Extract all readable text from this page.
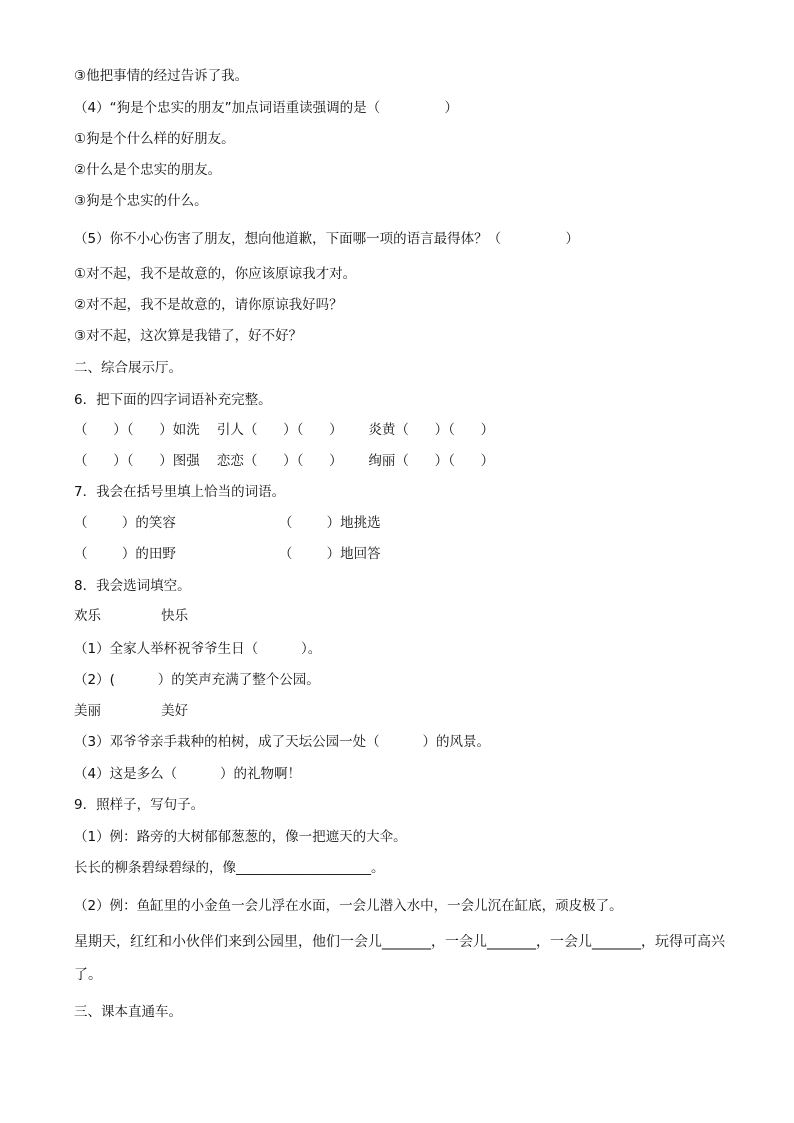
③他把事情的经过告诉了我。
（4）“狗是个忠实的朋友”加点词语重读强调的是（               ）
①狗是个什么样的好朋友。
②什么是个忠实的朋友。
③狗是个忠实的什么。
（5）你不小心伤害了朋友，想向他道歉，下面哪一项的语言最得体？（               ）
①对不起，我不是故意的，你应该原谅我才对。
②对不起，我不是故意的，请你原谅我好吗？
③对不起，这次算是我错了，好不好？
二、综合展示厅。
6．把下面的四字词语补充完整。
（      ）（      ）如洗    引人（      ）（      ）      炎黄（      ）（      ）
（      ）（      ）图强    恋恋（      ）（      ）      绚丽（      ）（      ）
7．我会在括号里填上恰当的词语。
（        ）的笑容                        （        ）地挑选
（        ）的田野                        （        ）地回答
8．我会选词填空。
欢乐              快乐
（1）全家人举杯祝爷爷生日（          ）。
（2）(          ）的笑声充满了整个公园。
美丽              美好
（3）邓爷爷亲手栽种的柏树，成了天坛公园一处（          ）的风景。
（4）这是多么（          ）的礼物啊！
9．照样子，写句子。
（1）例：路旁的大树郁郁葱葱的，像一把遮天的大伞。
长长的柳条碧绿碧绿的，像____________________。
（2）例：鱼缸里的小金鱼一会儿浮在水面，一会儿潜入水中，一会儿沉在缸底，顽皮极了。
星期天，红红和小伙伴们来到公园里，他们一会儿_______，一会儿_______，一会儿_______，玩得可高兴
了。
三、课本直通车。
